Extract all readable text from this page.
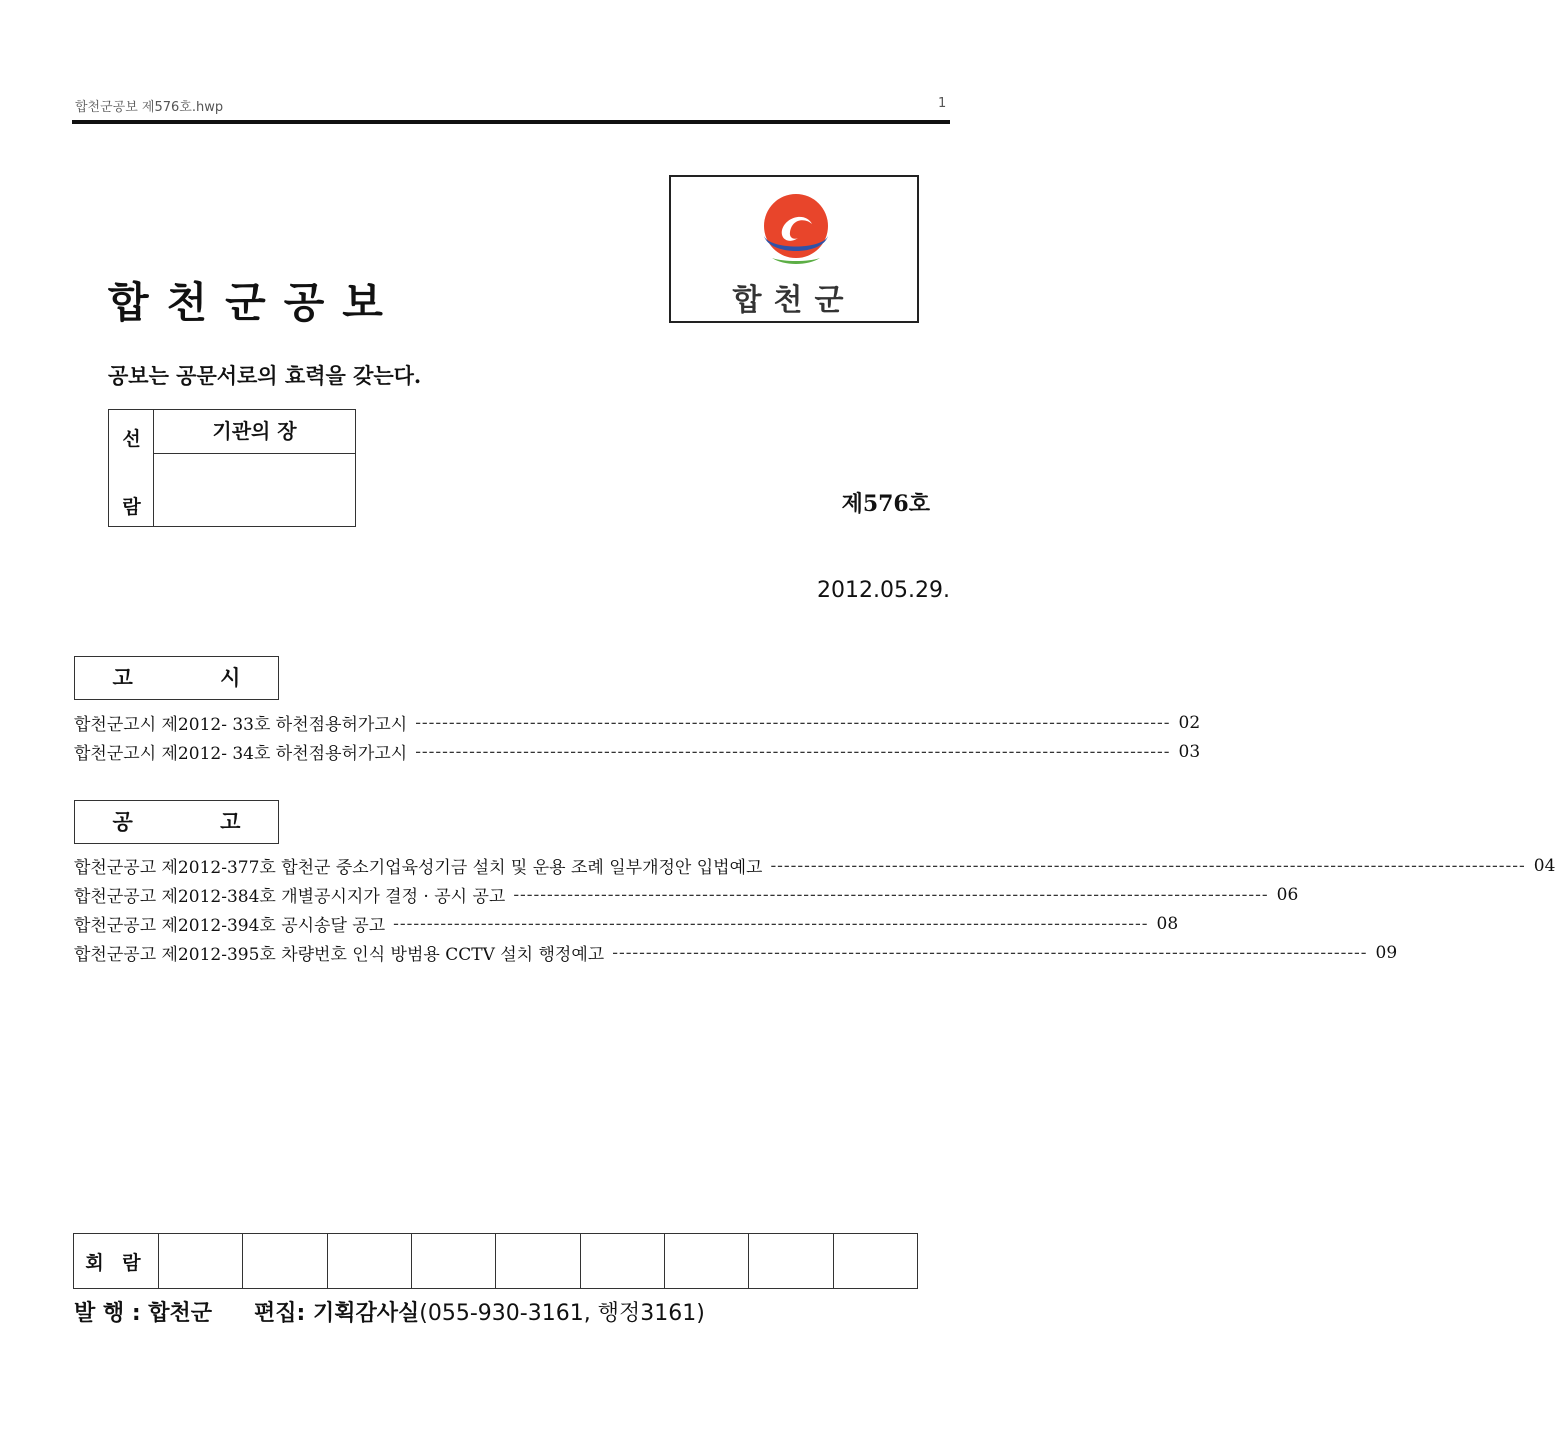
합천군공보 제576호.hwp	1
합천군공보
공보는 공문서로의 효력을 갖는다.
합천군
선
람
기관의 장
제576호
2012.05.29.
고 시
합천군고시 제2012- 33호 하천점용허가고시 ---------------------------------------------------------------------------------------------------------------- 02
합천군고시 제2012- 34호 하천점용허가고시 ---------------------------------------------------------------------------------------------------------------- 03
공 고
합천군공고 제2012-377호 합천군 중소기업육성기금 설치 및 운용 조례 일부개정안 입법예고 ---------------------------------------------------------------------------------------------------------------- 04
합천군공고 제2012-384호 개별공시지가 결정 · 공시 공고 ---------------------------------------------------------------------------------------------------------------- 06
합천군공고 제2012-394호 공시송달 공고 ---------------------------------------------------------------------------------------------------------------- 08
합천군공고 제2012-395호 차량번호 인식 방범용 CCTV 설치 행정예고 ---------------------------------------------------------------------------------------------------------------- 09
회 람									
발 행 : 합천군 편집: 기획감사실(055-930-3161, 행정3161)
